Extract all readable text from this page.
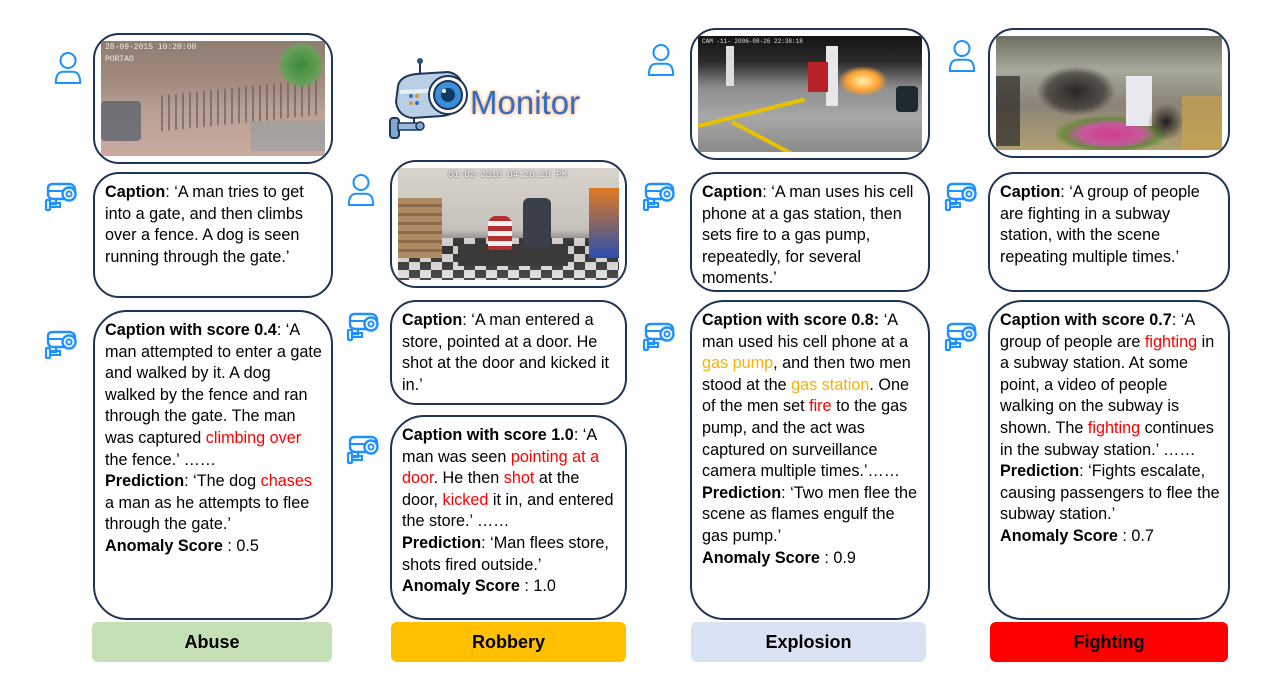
Monitor
28-09-2015 10:20:00
PORTAO
Caption: ‘A man tries to get into a gate, and then climbs over a fence. A dog is seen running through the gate.’
Caption with score 0.4: ‘A man attempted to enter a gate and walked by it. A dog walked by the fence and ran through the gate. The man was captured climbing over the fence.’ ……
Prediction: ‘The dog chases a man as he attempts to flee through the gate.’
Anomaly Score : 0.5
Abuse
01-02-2016 04:26:18 PM
Caption: ‘A man entered a store, pointed at a door. He shot at the door and kicked it in.’
Caption with score 1.0: ‘A man was seen pointing at a door. He then shot at the door, kicked it in, and entered the store.’ ……
Prediction: ‘Man flees store, shots fired outside.’
Anomaly Score : 1.0
Robbery
CAM -11- 2006-08-26 22:38:18
Caption: ‘A man uses his cell phone at a gas station, then sets fire to a gas pump, repeatedly, for several moments.’
Caption with score 0.8: ‘A man used his cell phone at a gas pump, and then two men stood at the gas station. One of the men set fire to the gas pump, and the act was captured on surveillance camera multiple times.’……
Prediction: ‘Two men flee the scene as flames engulf the gas pump.’
Anomaly Score : 0.9
Explosion
Caption: ‘A group of people are fighting in a subway station, with the scene repeating multiple times.’
Caption with score 0.7: ‘A group of people are fighting in a subway station. At some point, a video of people walking on the subway is shown. The fighting continues in the subway station.’ ……
Prediction: ‘Fights escalate, causing passengers to flee the subway station.’
Anomaly Score : 0.7
Fighting
